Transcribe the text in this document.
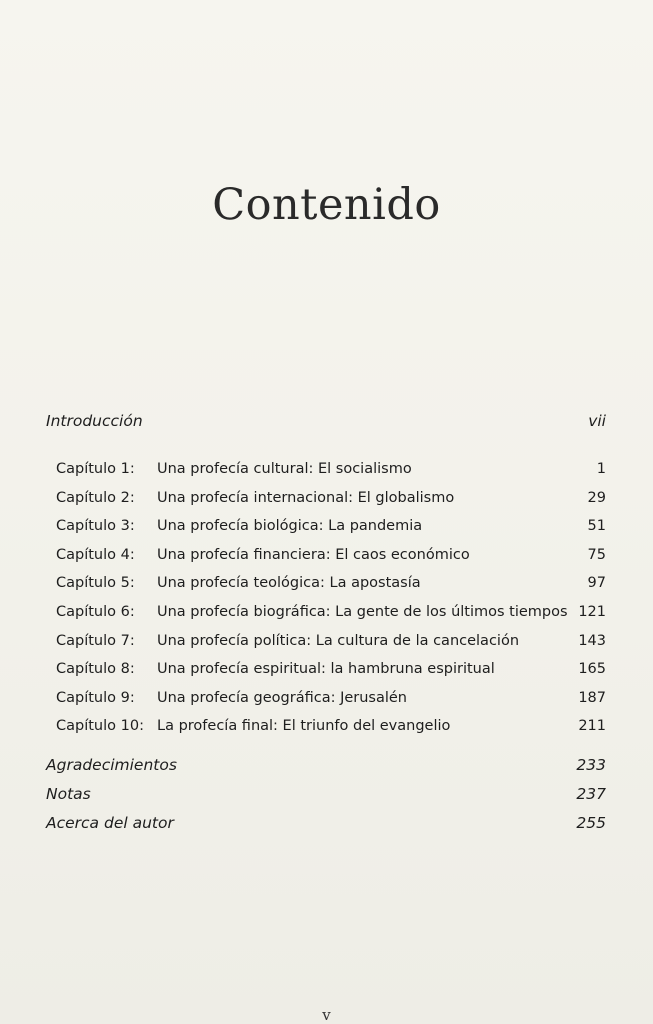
Contenido
Introducción	vii
Capítulo 1:	Una profecía cultural: El socialismo	1
Capítulo 2:	Una profecía internacional: El globalismo	29
Capítulo 3:	Una profecía biológica: La pandemia	51
Capítulo 4:	Una profecía financiera: El caos económico	75
Capítulo 5:	Una profecía teológica: La apostasía	97
Capítulo 6:	Una profecía biográfica: La gente de los últimos tiempos 121
Capítulo 7:	Una profecía política: La cultura de la cancelación	143
Capítulo 8:	Una profecía espiritual: la hambruna espiritual	165
Capítulo 9:	Una profecía geográfica: Jerusalén	187
Capítulo 10: La profecía final: El triunfo del evangelio	211
Agradecimientos	233
Notas	237
Acerca del autor	255
v
